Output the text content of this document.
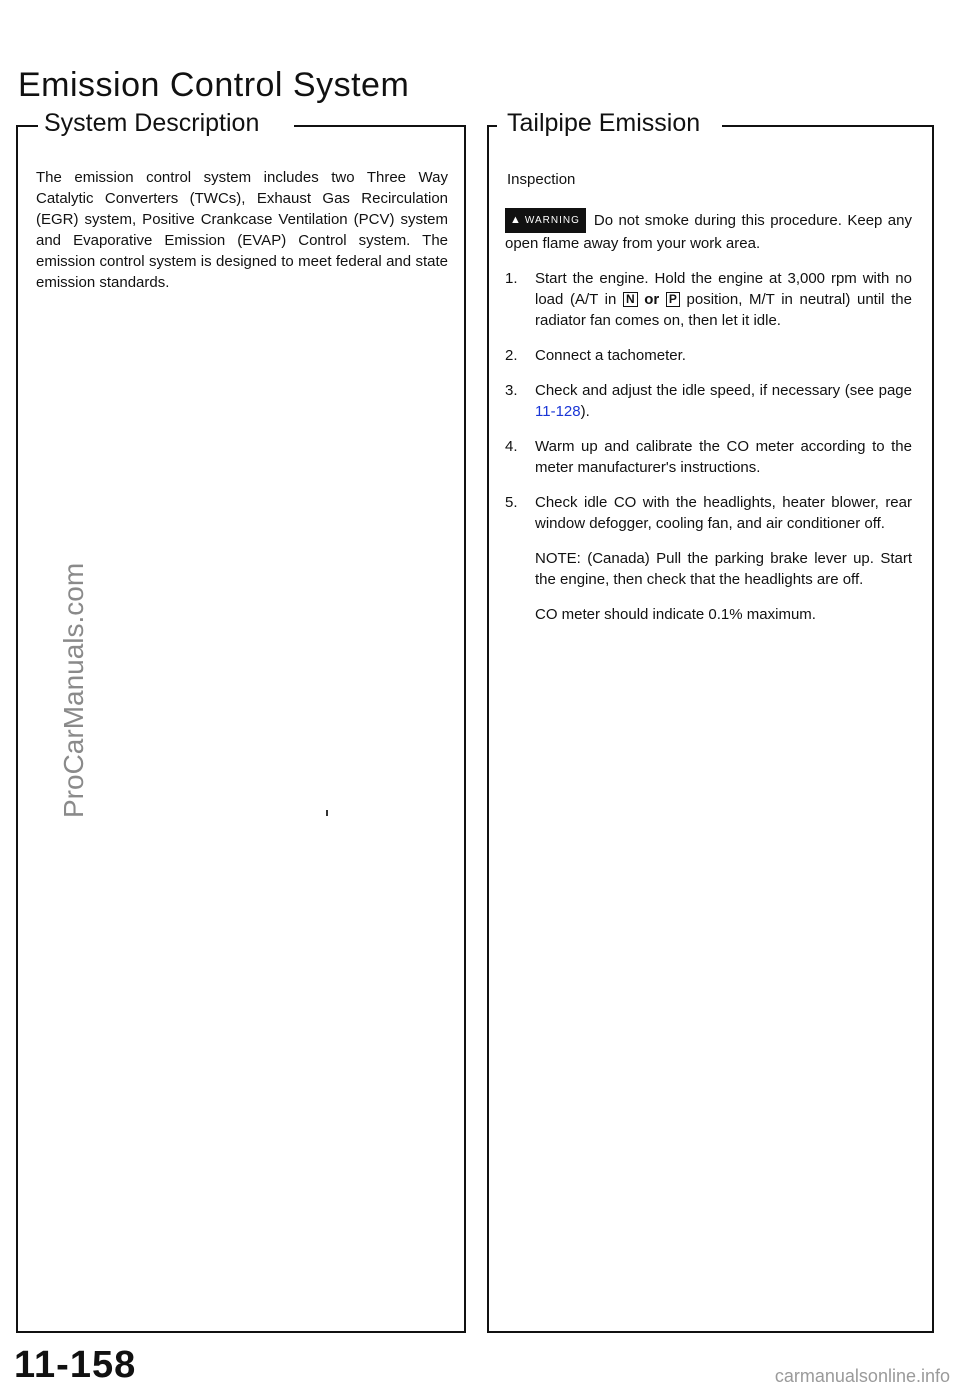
Emission Control System
System Description

The emission control system includes two Three Way Catalytic Converters (TWCs), Exhaust Gas Recirculation (EGR) system, Positive Crankcase Ventilation (PCV) system and Evaporative Emission (EVAP) Control system. The emission control system is designed to meet federal and state emission standards.

Tailpipe Emission

Inspection

▲ WARNING Do not smoke during this procedure. Keep any open flame away from your work area.

1. Start the engine. Hold the engine at 3,000 rpm with no load (A/T in N or P position, M/T in neutral) until the radiator fan comes on, then let it idle.
2. Connect a tachometer.
3. Check and adjust the idle speed, if necessary (see page 11-128).
4. Warm up and calibrate the CO meter according to the meter manufacturer's instructions.
5. Check idle CO with the headlights, heater blower, rear window defogger, cooling fan, and air conditioner off.

NOTE: (Canada) Pull the parking brake lever up. Start the engine, then check that the headlights are off.

CO meter should indicate 0.1% maximum.

ProCarManuals.com
11-158	carmanualsonline.info
